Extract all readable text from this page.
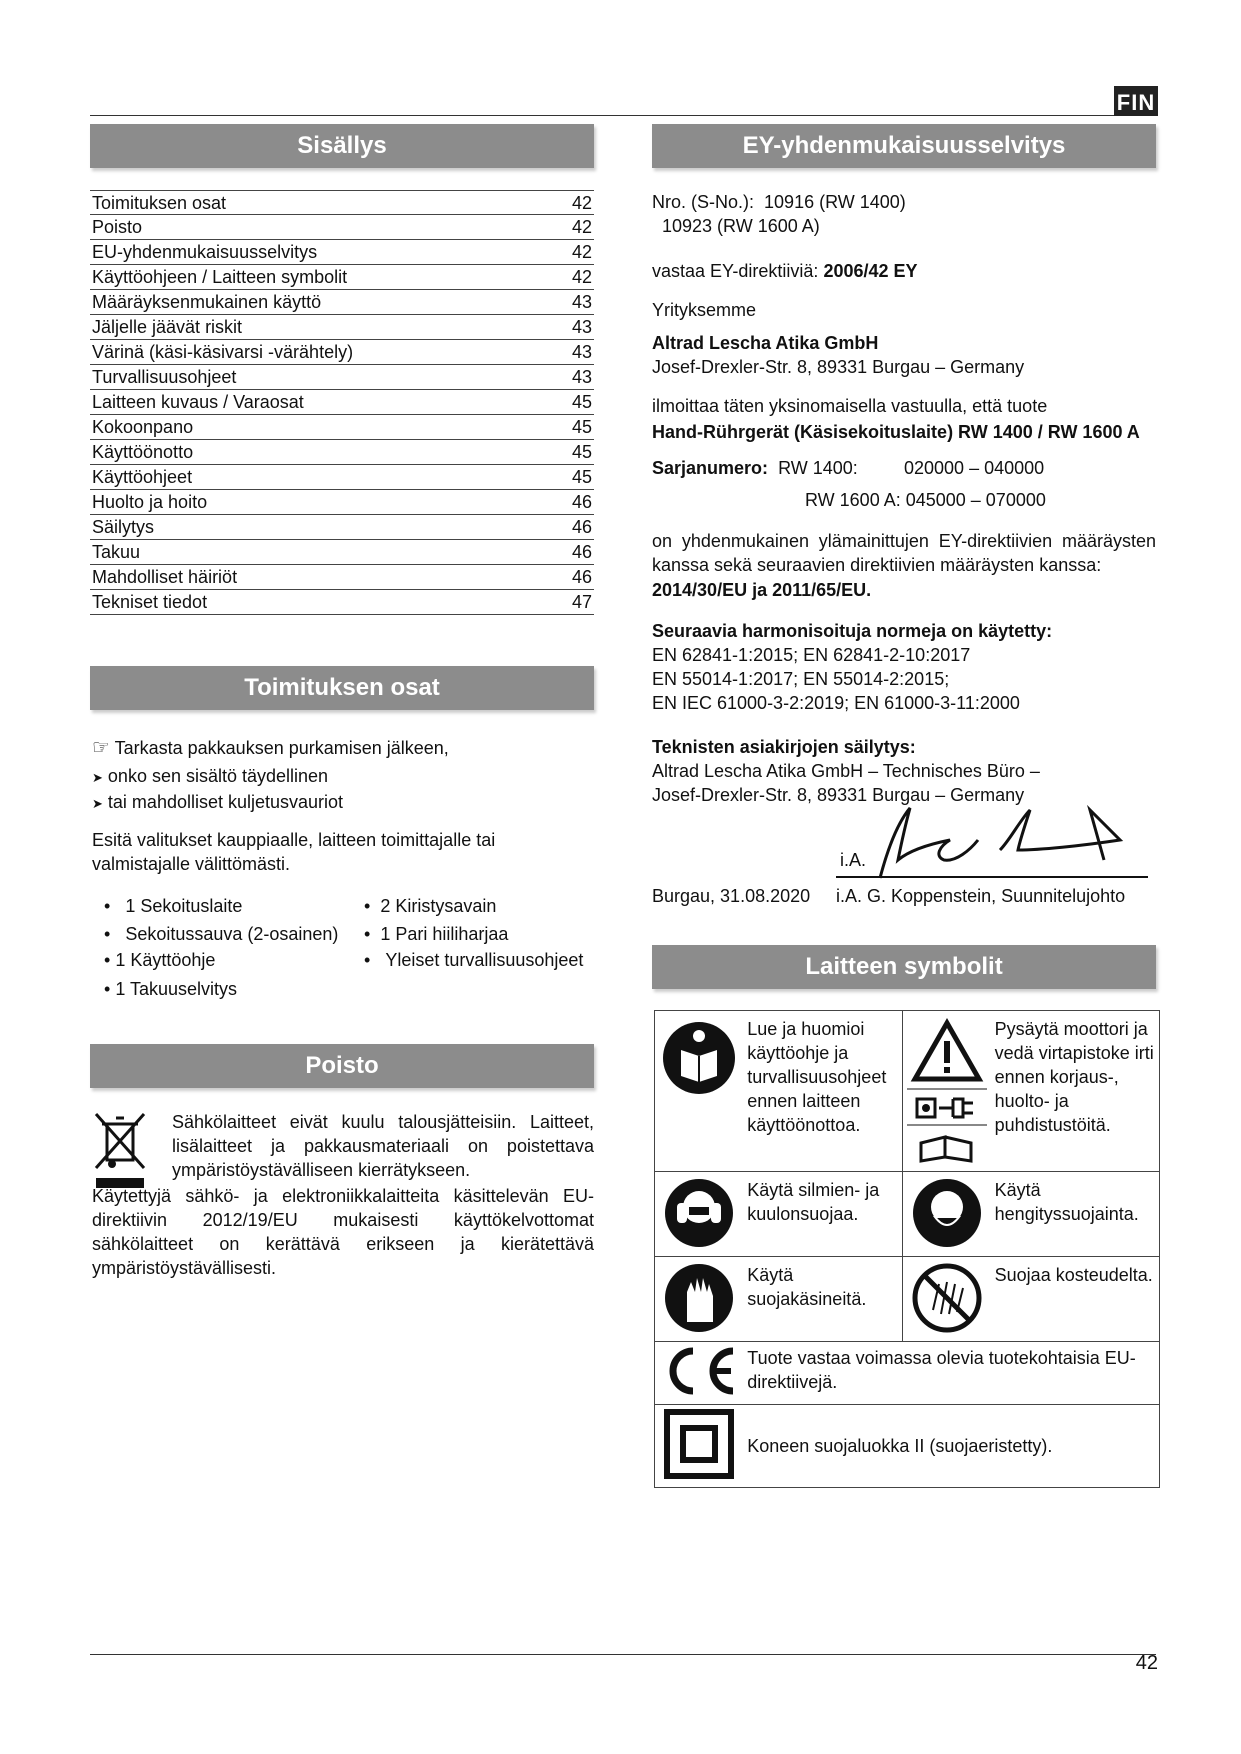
FIN
Sisällys
Toimituksen osat	42
Poisto	42
EU-yhdenmukaisuusselvitys	42
Käyttöohjeen / Laitteen symbolit	42
Määräyksenmukainen käyttö	43
Jäljelle jäävät riskit	43
Värinä (käsi-käsivarsi -värähtely)	43
Turvallisuusohjeet	43
Laitteen kuvaus / Varaosat	45
Kokoonpano	45
Käyttöönotto	45
Käyttöohjeet	45
Huolto ja hoito	46
Säilytys	46
Takuu	46
Mahdolliset häiriöt	46
Tekniset tiedot	47
Toimituksen osat
☞ Tarkasta pakkauksen purkamisen jälkeen,
➤ onko sen sisältö täydellinen
➤ tai mahdolliset kuljetusvauriot
Esitä valitukset kauppiaalle, laitteen toimittajalle tai valmistajalle välittömästi.
•   1 Sekoituslaite
•   Sekoitussauva (2-osainen)
• 1 Käyttöohje
• 1 Takuuselvitys
•  2 Kiristysavain
•  1 Pari hiiliharjaa
•   Yleiset turvallisuusohjeet
Poisto
Sähkölaitteet eivät kuulu talousjätteisiin. Laitteet, lisälaitteet ja pakkausmateriaali on poistettava ympäristöystävälliseen kierrätykseen.
Käytettyjä sähkö- ja elektroniikkalaitteita käsittelevän EU-direktiivin 2012/19/EU mukaisesti käyttökelvottomat sähkölaitteet on kerättävä erikseen ja kierätettävä ympäristöystävällisesti.
EY-yhdenmukaisuusselvitys
Nro. (S-No.): 10916 (RW 1400)
10923 (RW 1600 A)
vastaa EY-direktiiviä: 2006/42 EY
Yrityksemme
Altrad Lescha Atika GmbH
Josef-Drexler-Str. 8, 89331 Burgau – Germany
ilmoittaa täten yksinomaisella vastuulla, että tuote
Hand-Rührgerät (Käsisekoituslaite) RW 1400 / RW 1600 A
Sarjanumero: RW 1400:	020000 – 040000
RW 1600 A: 045000 – 070000
on yhdenmukainen ylämainittujen EY-direktiivien määräysten kanssa sekä seuraavien direktiivien määräysten kanssa:
2014/30/EU ja 2011/65/EU.
Seuraavia harmonisoituja normeja on käytetty:
EN 62841-1:2015; EN 62841-2-10:2017
EN 55014-1:2017; EN 55014-2:2015;
EN IEC 61000-3-2:2019; EN 61000-3-11:2000
Teknisten asiakirjojen säilytys:
Altrad Lescha Atika GmbH – Technisches Büro –
Josef-Drexler-Str. 8, 89331 Burgau – Germany
i.A.
Burgau, 31.08.2020 i.A. G. Koppenstein, Suunnitelujohto
Laitteen symbolit
	Lue ja huomioi käyttöohje ja turvallisuusohjeet ennen laitteen käyttöönottoa.		Pysäytä moottori ja vedä virtapistoke irti ennen korjaus-, huolto- ja puhdistustöitä.
	Käytä silmien- ja kuulonsuojaa.		Käytä hengityssuojainta.
	Käytä suojakäsineitä.		Suojaa kosteudelta.
	Tuote vastaa voimassa olevia tuotekohtaisia EU-direktiivejä.		
	Koneen suojaluokka II (suojaeristetty).		
42
